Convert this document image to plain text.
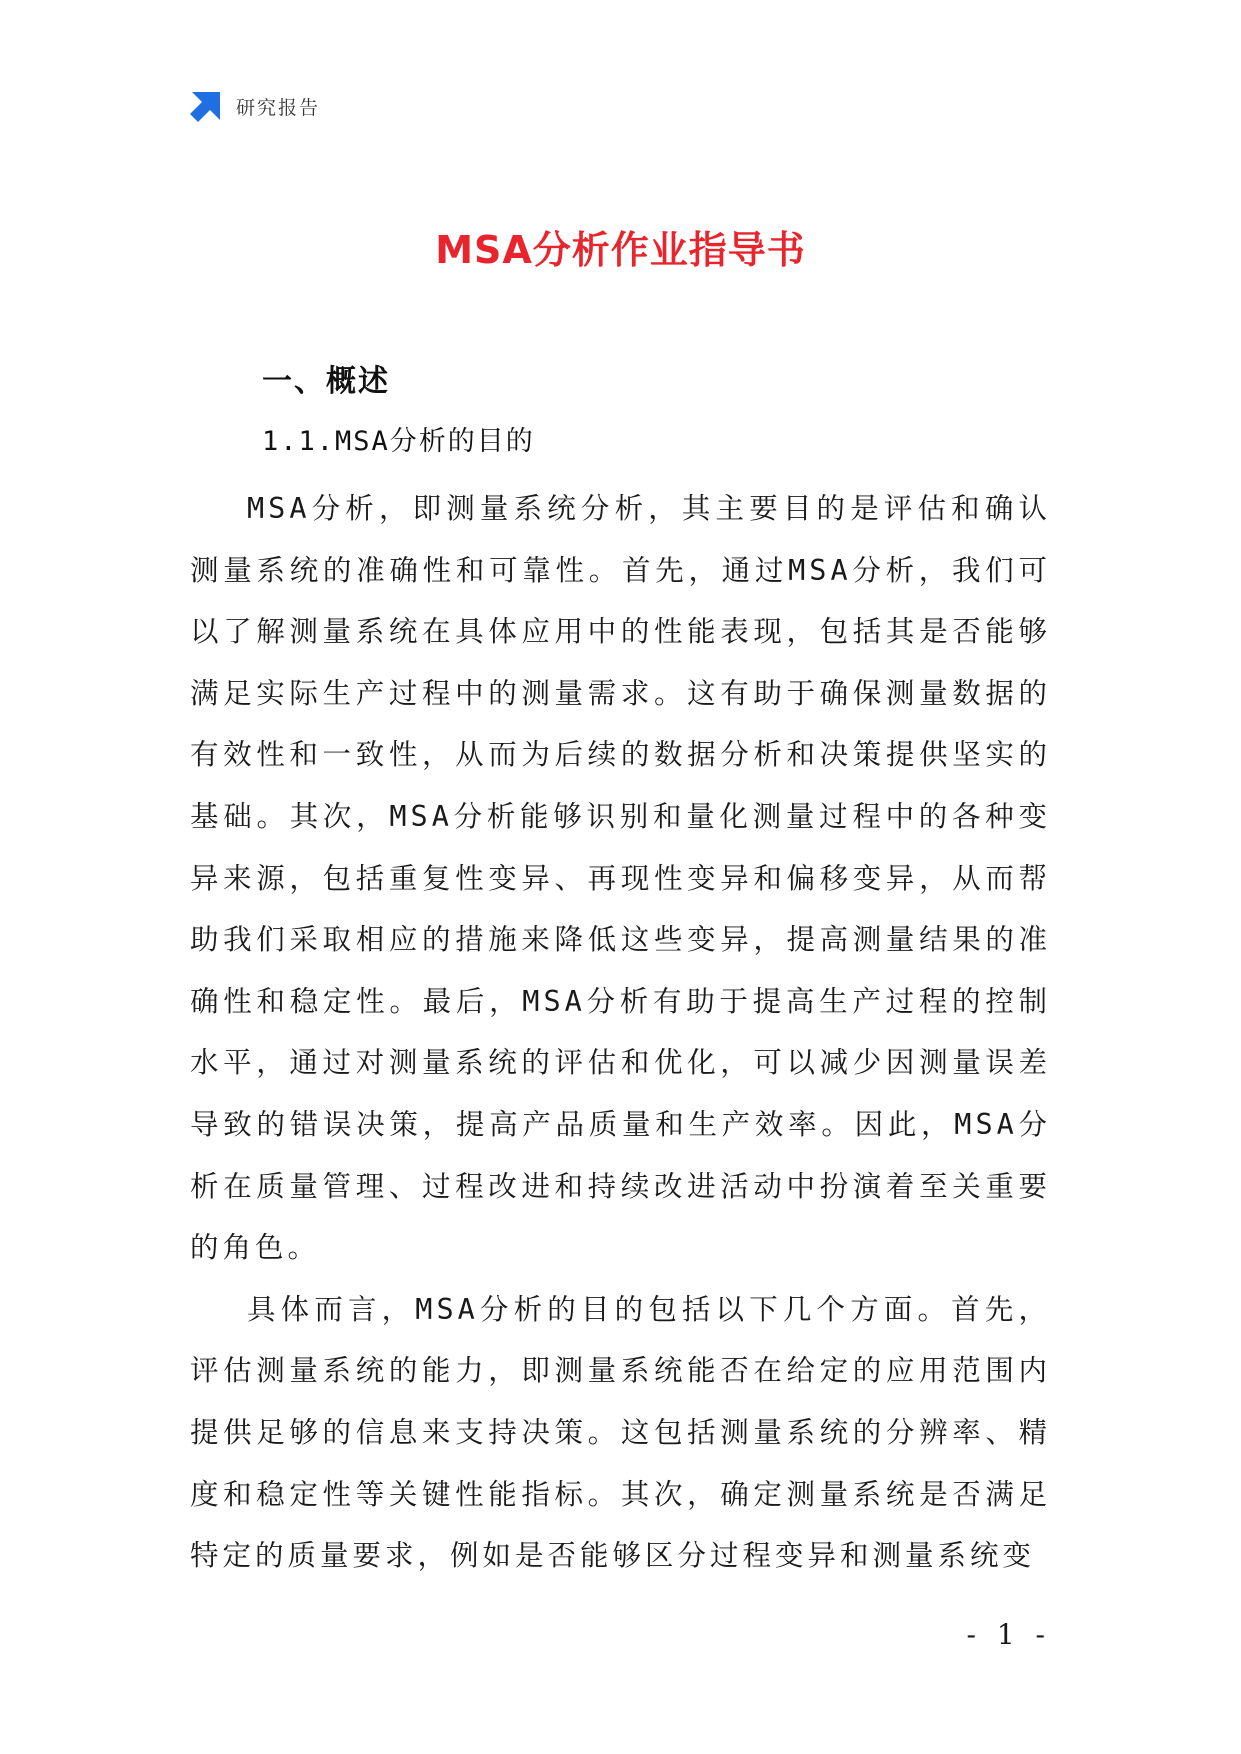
研究报告
MSA分析作业指导书
一、概述
1.1.MSA分析的目的

MSA分析，即测量系统分析，其主要目的是评估和确认测量系统的准确性和可靠性。首先，通过MSA分析，我们可以了解测量系统在具体应用中的性能表现，包括其是否能够满足实际生产过程中的测量需求。这有助于确保测量数据的有效性和一致性，从而为后续的数据分析和决策提供坚实的基础。其次，MSA分析能够识别和量化测量过程中的各种变异来源，包括重复性变异、再现性变异和偏移变异，从而帮助我们采取相应的措施来降低这些变异，提高测量结果的准确性和稳定性。最后，MSA分析有助于提高生产过程的控制水平，通过对测量系统的评估和优化，可以减少因测量误差导致的错误决策，提高产品质量和生产效率。因此，MSA分析在质量管理、过程改进和持续改进活动中扮演着至关重要的角色。

具体而言，MSA分析的目的包括以下几个方面。首先，评估测量系统的能力，即测量系统能否在给定的应用范围内提供足够的信息来支持决策。这包括测量系统的分辨率、精度和稳定性等关键性能指标。其次，确定测量系统是否满足特定的质量要求，例如是否能够区分过程变异和测量系统变

- 1 -
